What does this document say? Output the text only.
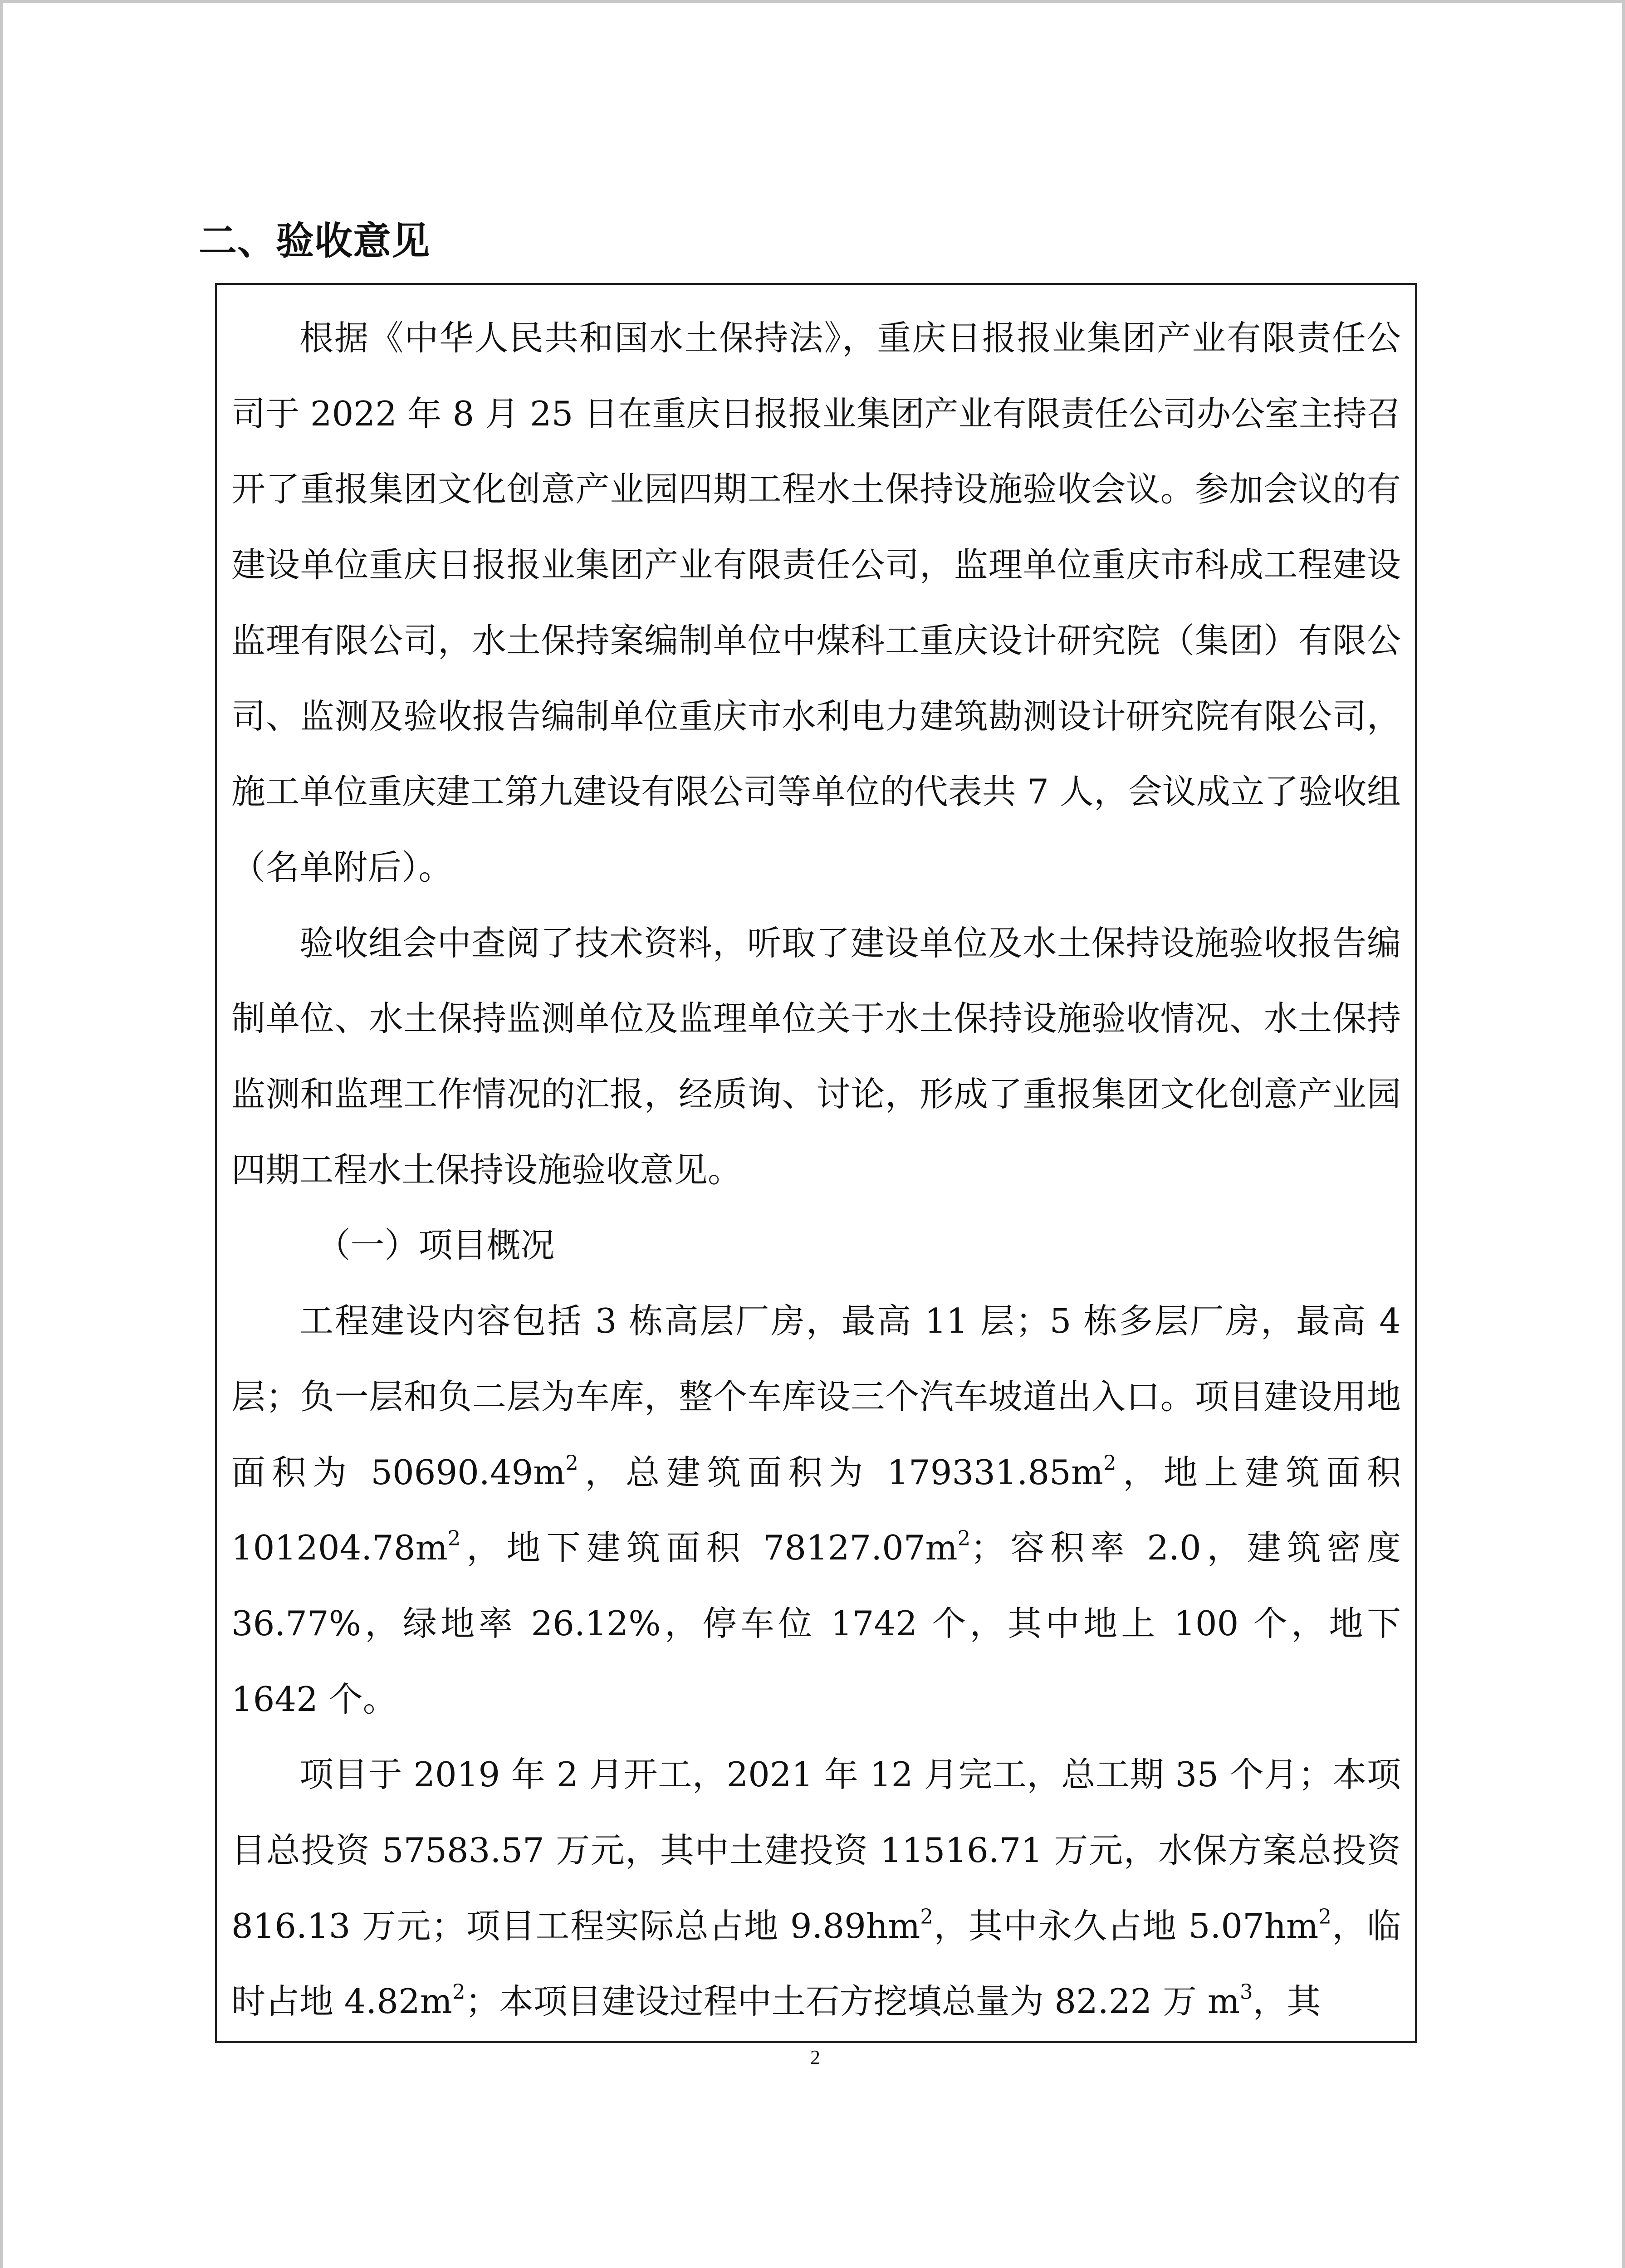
二、验收意见

根据《中华人民共和国水土保持法》，重庆日报报业集团产业有限责任公司于 2022 年 8 月 25 日在重庆日报报业集团产业有限责任公司办公室主持召开了重报集团文化创意产业园四期工程水土保持设施验收会议。参加会议的有建设单位重庆日报报业集团产业有限责任公司，监理单位重庆市科成工程建设监理有限公司，水土保持案编制单位中煤科工重庆设计研究院（集团）有限公司、监测及验收报告编制单位重庆市水利电力建筑勘测设计研究院有限公司，施工单位重庆建工第九建设有限公司等单位的代表共 7 人，会议成立了验收组（名单附后）。

验收组会中查阅了技术资料，听取了建设单位及水土保持设施验收报告编制单位、水土保持监测单位及监理单位关于水土保持设施验收情况、水土保持监测和监理工作情况的汇报，经质询、讨论，形成了重报集团文化创意产业园四期工程水土保持设施验收意见。

（一）项目概况

工程建设内容包括 3 栋高层厂房，最高 11 层；5 栋多层厂房，最高 4 层；负一层和负二层为车库，整个车库设三个汽车坡道出入口。项目建设用地面积为 $50690.49m^2$，总建筑面积为 $179331.85m^2$，地上建筑面积 $101204.78m^2$，地下建筑面积 $78127.07m^2$；容积率 2.0，建筑密度 36.77%，绿地率 26.12%，停车位 1742 个，其中地上 100 个，地下 1642 个。

项目于 2019 年 2 月开工，2021 年 12 月完工，总工期 35 个月；本项目总投资 57583.57 万元，其中土建投资 11516.71 万元，水保方案总投资 816.13 万元；项目工程实际总占地 $9.89hm^2$，其中永久占地 $5.07hm^2$，临时占地 $4.82m^2$；本项目建设过程中土石方挖填总量为 82.22 万 $m^3$，其

2
